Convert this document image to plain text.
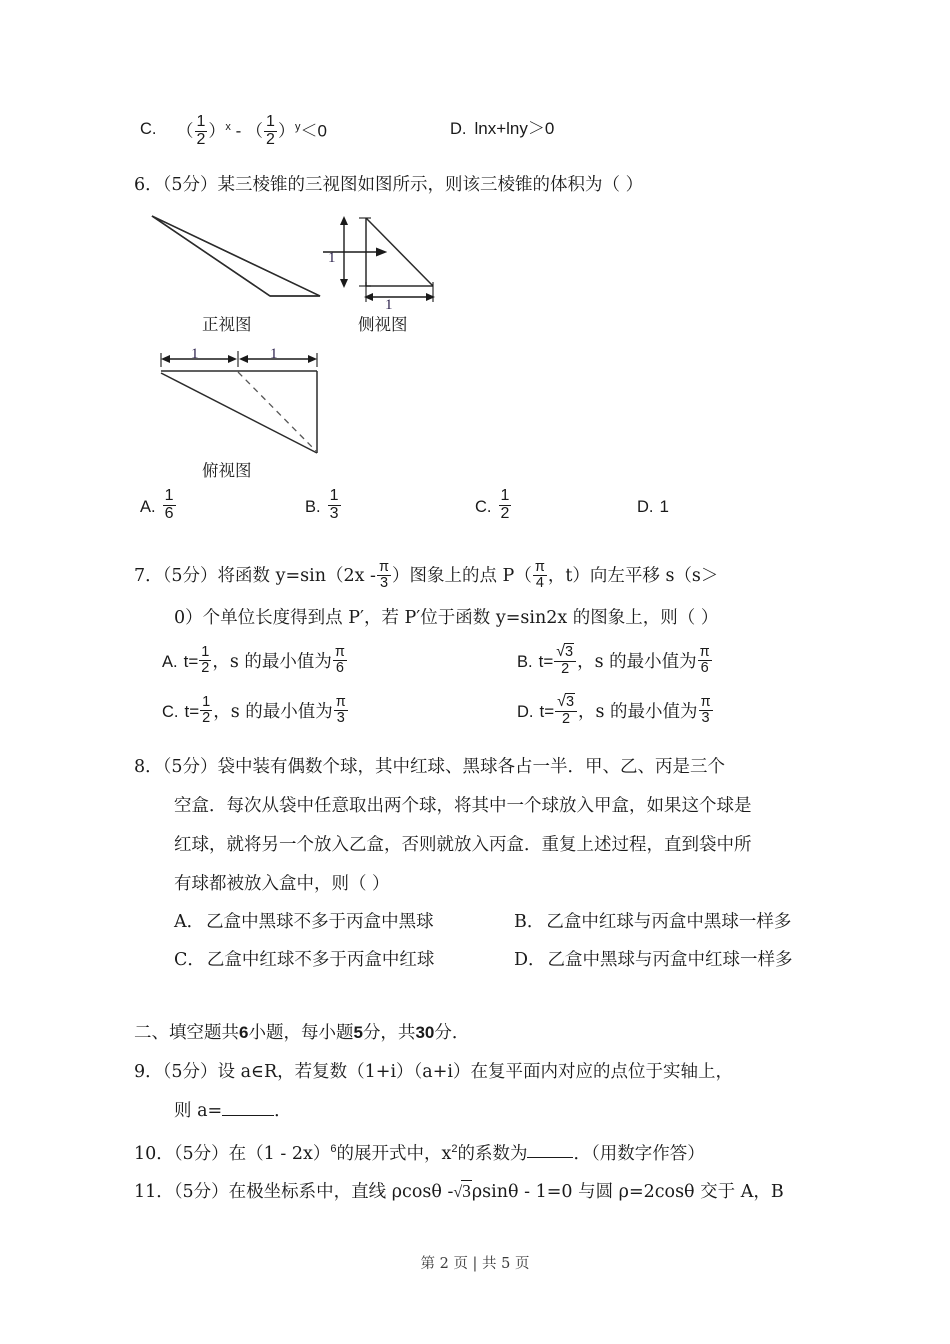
C. （ $\frac{1}{2} )^x$ - （ $\frac{1}{2} )^y<0$	D. lnx+lny＞0
6．（5分）某三棱锥的三视图如图所示，则该三棱锥的体积为（ ）
正视图
1
1
侧视图
1	1
俯视图
A. $\frac{1}{6}$	B. $\frac{1}{3}$	C. $\frac{1}{2}$	D. 1
7．（5分）将函数 $y=\sin(2x - \frac{\pi}{3}$ ）图象上的点 $P( \frac{\pi}{4}$ ，t）向左平移 s（s＞
0）个单位长度得到点 P′，若 P′位于函数 y=sin2x 的图象上，则（ ）
A. $t= \frac{1}{2}$ ，s 的最小值为 $\frac{\pi}{6}$	B. $t= \frac{√3}{2}$ ，s 的最小值为 $\frac{\pi}{6}$
C. $t= \frac{1}{2}$ ，s 的最小值为 $\frac{\pi}{3}$	D. $t= \frac{√3}{2}$ ，s 的最小值为 $\frac{\pi}{3}$
8．（5分）袋中装有偶数个球，其中红球、黑球各占一半．甲、乙、丙是三个
空盒．每次从袋中任意取出两个球，将其中一个球放入甲盒，如果这个球是
红球，就将另一个放入乙盒，否则就放入丙盒．重复上述过程，直到袋中所
有球都被放入盒中，则（ ）
A． 乙盒中黑球不多于丙盒中黑球	B． 乙盒中红球与丙盒中黑球一样多
C． 乙盒中红球不多于丙盒中红球	D． 乙盒中黑球与丙盒中红球一样多
二、填空题共6小题，每小题5分，共30分．
9．（5分）设 a∈R，若复数（1+i）（a+i）在复平面内对应的点位于实轴上，
则 a=	．
10．（5分）在（1 - 2x）$^6$的展开式中，$x^2$的系数为	．（用数字作答）
11．（5分）在极坐标系中，直线 ρcosθ -√3ρsinθ - 1=0 与圆 ρ=2cosθ 交于 A，B
第 2 页 | 共 5 页
